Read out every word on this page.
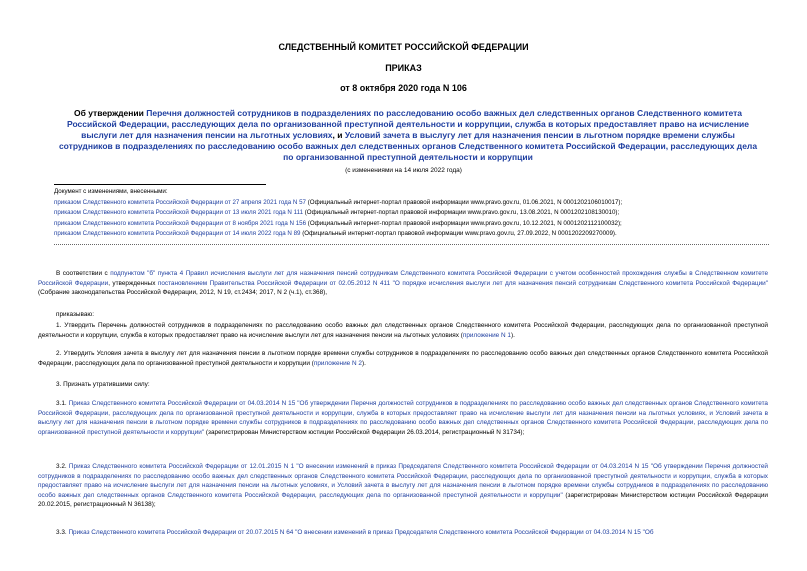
СЛЕДСТВЕННЫЙ КОМИТЕТ РОССИЙСКОЙ ФЕДЕРАЦИИ
ПРИКАЗ
от 8 октября 2020 года N 106
Об утверждении Перечня должностей сотрудников в подразделениях по расследованию особо важных дел следственных органов Следственного комитета Российской Федерации, расследующих дела по организованной преступной деятельности и коррупции, служба в которых предоставляет право на исчисление выслуги лет для назначения пенсии на льготных условиях, и Условий зачета в выслугу лет для назначения пенсии в льготном порядке времени службы сотрудников в подразделениях по расследованию особо важных дел следственных органов Следственного комитета Российской Федерации, расследующих дела по организованной преступной деятельности и коррупции
(с изменениями на 14 июля 2022 года)
Документ с изменениями, внесенными:
приказом Следственного комитета Российской Федерации от 27 апреля 2021 года N 57 (Официальный интернет-портал правовой информации www.pravo.gov.ru, 01.06.2021, N 0001202106010017);
приказом Следственного комитета Российской Федерации от 13 июля 2021 года N 111 (Официальный интернет-портал правовой информации www.pravo.gov.ru, 13.08.2021, N 0001202108130010);
приказом Следственного комитета Российской Федерации от 8 ноября 2021 года N 156 (Официальный интернет-портал правовой информации www.pravo.gov.ru, 10.12.2021, N 0001202112100032);
приказом Следственного комитета Российской Федерации от 14 июля 2022 года N 89 (Официальный интернет-портал правовой информации www.pravo.gov.ru, 27.09.2022, N 0001202209270009).
В соответствии с подпунктом "б" пункта 4 Правил исчисления выслуги лет для назначения пенсий сотрудникам Следственного комитета Российской Федерации с учетом особенностей прохождения службы в Следственном комитете Российской Федерации, утвержденных постановлением Правительства Российской Федерации от 02.05.2012 N 411 "О порядке исчисления выслуги лет для назначения пенсий сотрудникам Следственного комитета Российской Федерации" (Собрание законодательства Российской Федерации, 2012, N 19, ст.2434; 2017, N 2 (ч.1), ст.368),
приказываю:
1. Утвердить Перечень должностей сотрудников в подразделениях по расследованию особо важных дел следственных органов Следственного комитета Российской Федерации, расследующих дела по организованной преступной деятельности и коррупции, служба в которых предоставляет право на исчисление выслуги лет для назначения пенсии на льготных условиях (приложение N 1).
2. Утвердить Условия зачета в выслугу лет для назначения пенсии в льготном порядке времени службы сотрудников в подразделениях по расследованию особо важных дел следственных органов Следственного комитета Российской Федерации, расследующих дела по организованной преступной деятельности и коррупции (приложение N 2).
3. Признать утратившими силу:
3.1. Приказ Следственного комитета Российской Федерации от 04.03.2014 N 15 "Об утверждении Перечня должностей сотрудников в подразделениях по расследованию особо важных дел следственных органов Следственного комитета Российской Федерации, расследующих дела по организованной преступной деятельности и коррупции, служба в которых предоставляет право на исчисление выслуги лет для назначения пенсии на льготных условиях, и Условий зачета в выслугу лет для назначения пенсии в льготном порядке времени службы сотрудников в подразделениях по расследованию особо важных дел следственных органов Следственного комитета Российской Федерации, расследующих дела по организованной преступной деятельности и коррупции" (зарегистрирован Министерством юстиции Российской Федерации 26.03.2014, регистрационный N 31734);
3.2. Приказ Следственного комитета Российской Федерации от 12.01.2015 N 1 "О внесении изменений в приказ Председателя Следственного комитета Российской Федерации от 04.03.2014 N 15 "Об утверждении Перечня должностей сотрудников в подразделениях по расследованию особо важных дел следственных органов Следственного комитета Российской Федерации, расследующих дела по организованной преступной деятельности и коррупции, служба в которых предоставляет право на исчисление выслуги лет для назначения пенсии на льготных условиях, и Условий зачета в выслугу лет для назначения пенсии в льготном порядке времени службы сотрудников в подразделениях по расследованию особо важных дел следственных органов Следственного комитета Российской Федерации, расследующих дела по организованной преступной деятельности и коррупции" (зарегистрирован Министерством юстиции Российской Федерации 20.02.2015, регистрационный N 36138);
3.3. Приказ Следственного комитета Российской Федерации от 20.07.2015 N 64 "О внесении изменений в приказ Председателя Следственного комитета Российской Федерации от 04.03.2014 N 15 "Об
